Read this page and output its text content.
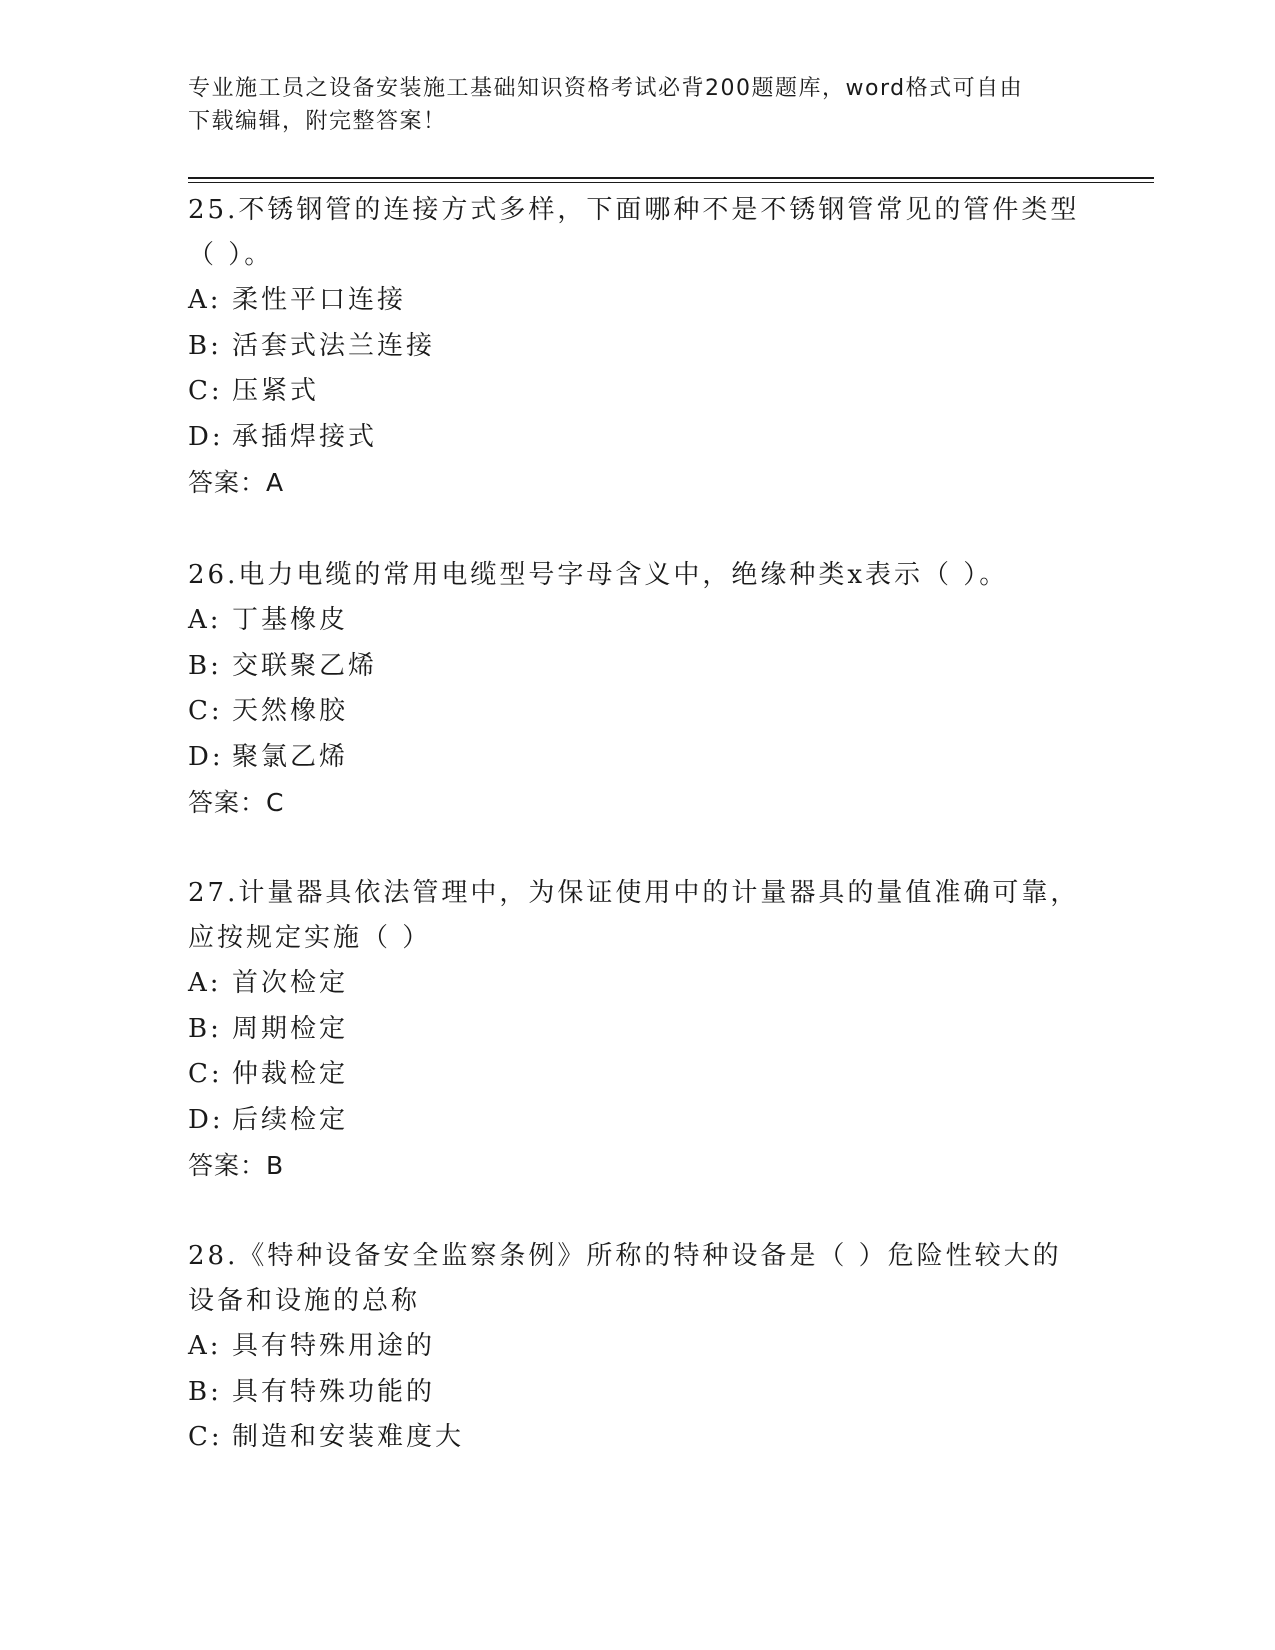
专业施工员之设备安装施工基础知识资格考试必背200题题库，word格式可自由
下载编辑，附完整答案！
25.不锈钢管的连接方式多样，下面哪种不是不锈钢管常见的管件类型
（ ）。
A: 柔性平口连接
B: 活套式法兰连接
C: 压紧式
D: 承插焊接式
答案：A
26.电力电缆的常用电缆型号字母含义中，绝缘种类x表示（ ）。
A: 丁基橡皮
B: 交联聚乙烯
C: 天然橡胶
D: 聚氯乙烯
答案：C
27.计量器具依法管理中，为保证使用中的计量器具的量值准确可靠，
应按规定实施（ ）
A: 首次检定
B: 周期检定
C: 仲裁检定
D: 后续检定
答案：B
28.《特种设备安全监察条例》所称的特种设备是（ ）危险性较大的
设备和设施的总称
A: 具有特殊用途的
B: 具有特殊功能的
C: 制造和安装难度大
